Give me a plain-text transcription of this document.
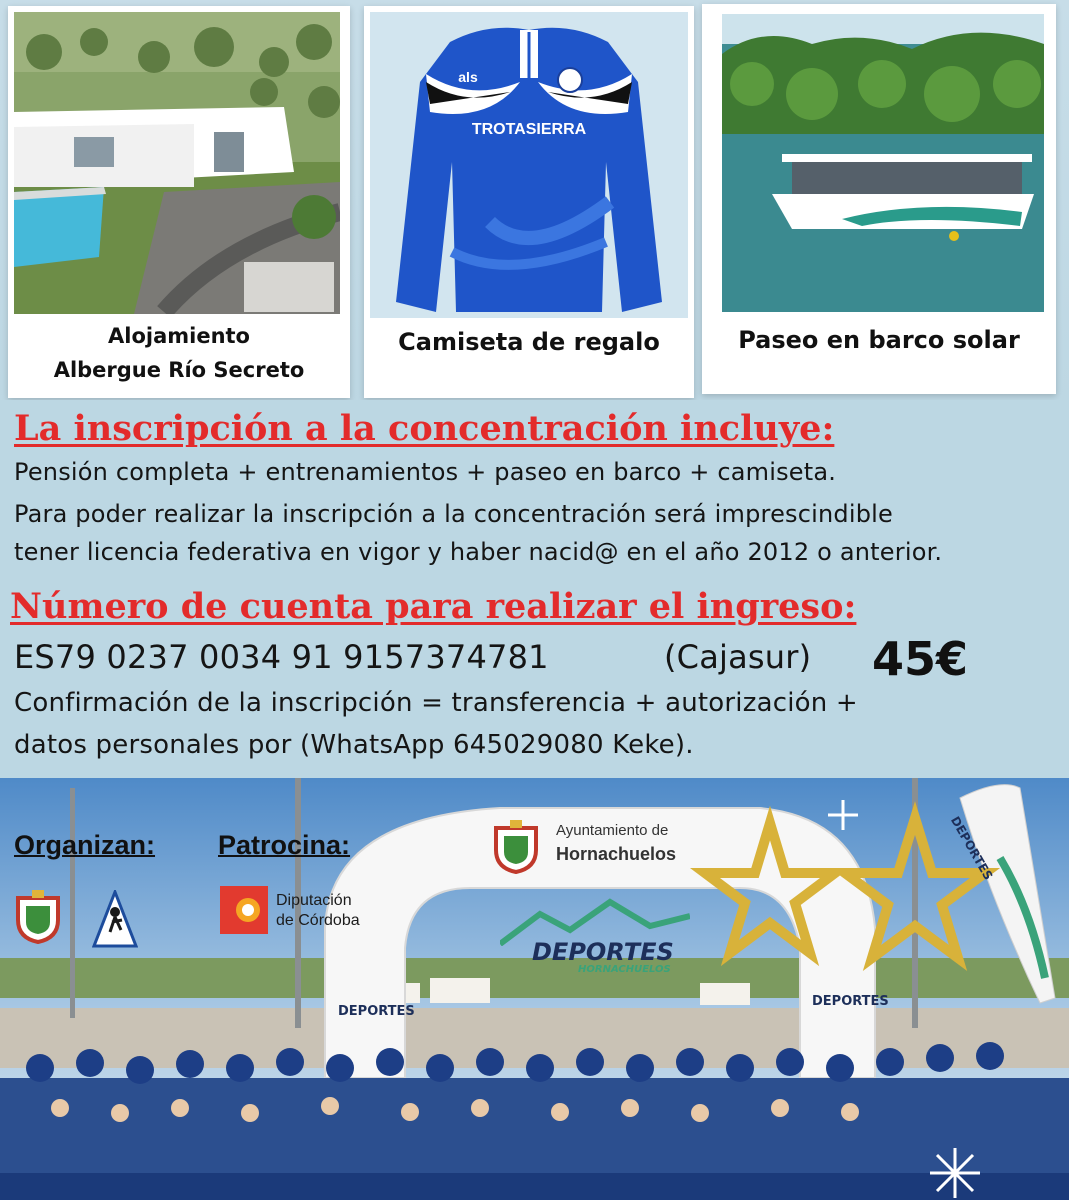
Alojamiento
Albergue Río Secreto
TROTASIERRA
als
Camiseta de regalo	Paseo en barco solar
La inscripción a la concentración incluye:
Pensión completa + entrenamientos + paseo en barco + camiseta.
Para poder realizar la inscripción a la concentración será imprescindible
tener licencia federativa en vigor y haber nacid@ en el año 2012 o anterior.
Número de cuenta para realizar el ingreso:
ES79 0237 0034 91 9157374781	(Cajasur) 45€
Confirmación de la inscripción = transferencia + autorización +
datos personales por (WhatsApp 645029080 Keke).
Organizan: Patrocina:
Diputación
de Córdoba
Ayuntamiento de
Hornachuelos
DEPORTES
HORNACHUELOS
DEPORTES
DEPORTES
DEPORTES
